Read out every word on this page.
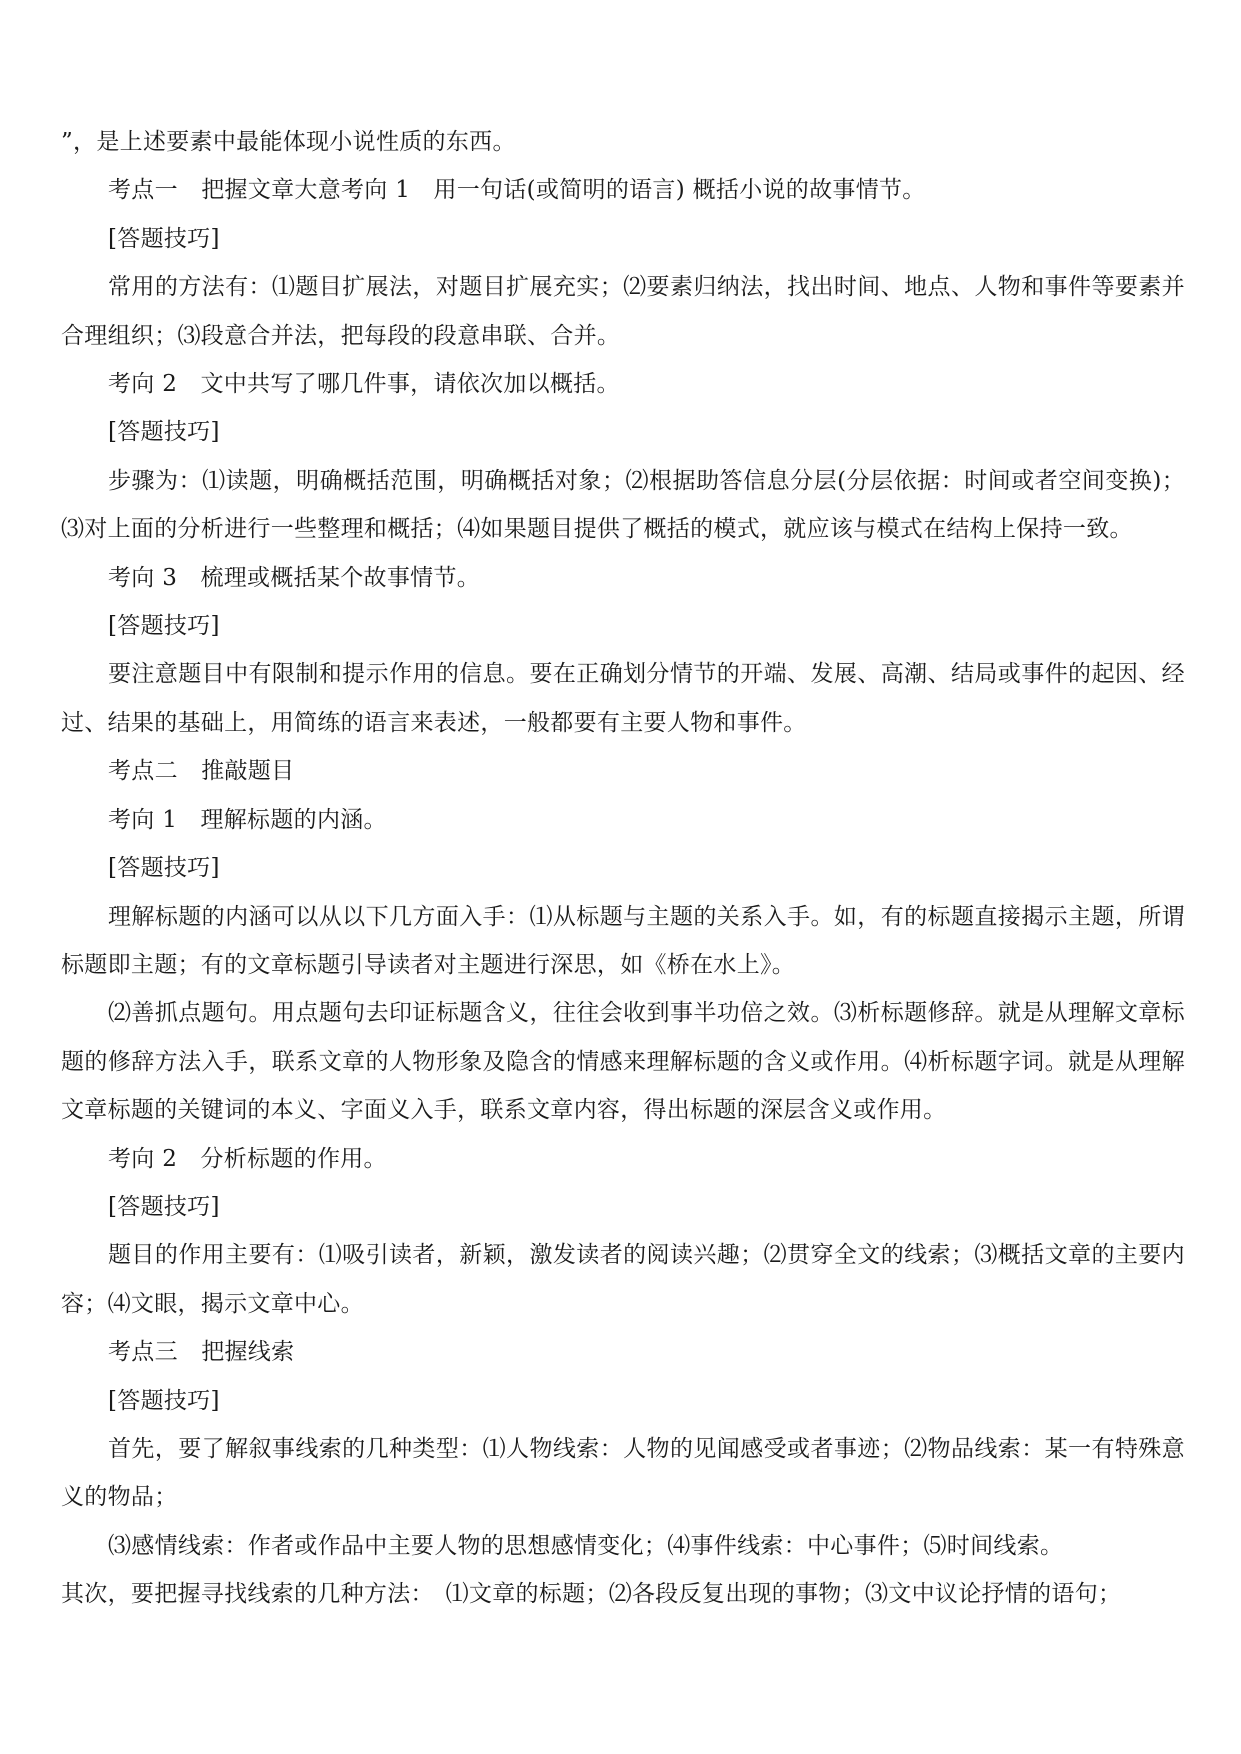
”，是上述要素中最能体现小说性质的东西。

考点一　把握文章大意考向 1　用一句话(或简明的语言) 概括小说的故事情节。

[答题技巧]

常用的方法有：⑴题目扩展法，对题目扩展充实；⑵要素归纳法，找出时间、地点、人物和事件等要素并合理组织；⑶段意合并法，把每段的段意串联、合并。

考向 2　文中共写了哪几件事，请依次加以概括。

[答题技巧]

步骤为：⑴读题，明确概括范围，明确概括对象；⑵根据助答信息分层(分层依据：时间或者空间变换)；⑶对上面的分析进行一些整理和概括；⑷如果题目提供了概括的模式，就应该与模式在结构上保持一致。

考向 3　梳理或概括某个故事情节。

[答题技巧]

要注意题目中有限制和提示作用的信息。要在正确划分情节的开端、发展、高潮、结局或事件的起因、经过、结果的基础上，用简练的语言来表述，一般都要有主要人物和事件。

考点二　推敲题目

考向 1　理解标题的内涵。

[答题技巧]

理解标题的内涵可以从以下几方面入手：⑴从标题与主题的关系入手。如，有的标题直接揭示主题，所谓标题即主题；有的文章标题引导读者对主题进行深思，如《桥在水上》。

⑵善抓点题句。用点题句去印证标题含义，往往会收到事半功倍之效。⑶析标题修辞。就是从理解文章标题的修辞方法入手，联系文章的人物形象及隐含的情感来理解标题的含义或作用。⑷析标题字词。就是从理解文章标题的关键词的本义、字面义入手，联系文章内容，得出标题的深层含义或作用。

考向 2　分析标题的作用。

[答题技巧]

题目的作用主要有：⑴吸引读者，新颖，激发读者的阅读兴趣；⑵贯穿全文的线索；⑶概括文章的主要内容；⑷文眼，揭示文章中心。

考点三　把握线索

[答题技巧]

首先，要了解叙事线索的几种类型：⑴人物线索：人物的见闻感受或者事迹；⑵物品线索：某一有特殊意义的物品；

⑶感情线索：作者或作品中主要人物的思想感情变化；⑷事件线索：中心事件；⑸时间线索。

其次，要把握寻找线索的几种方法：　⑴文章的标题；⑵各段反复出现的事物；⑶文中议论抒情的语句；
